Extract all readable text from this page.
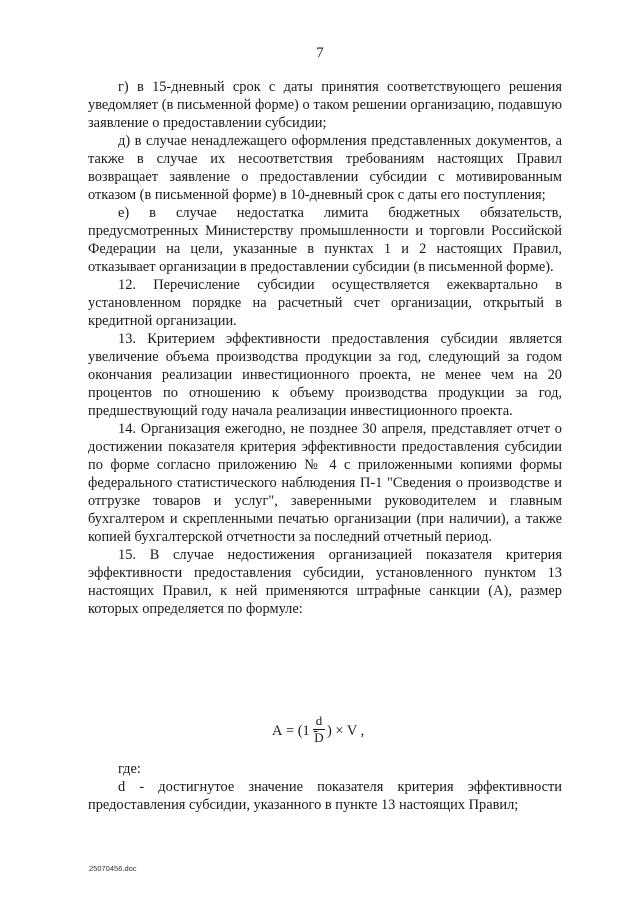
7

г) в 15-дневный срок с даты принятия соответствующего решения уведомляет (в письменной форме) о таком решении организацию, подавшую заявление о предоставлении субсидии;

д) в случае ненадлежащего оформления представленных документов, а также в случае их несоответствия требованиям настоящих Правил возвращает заявление о предоставлении субсидии с мотивированным отказом (в письменной форме) в 10-дневный срок с даты его поступления;

е) в случае недостатка лимита бюджетных обязательств, предусмотренных Министерству промышленности и торговли Российской Федерации на цели, указанные в пунктах 1 и 2 настоящих Правил, отказывает организации в предоставлении субсидии (в письменной форме).

12. Перечисление субсидии осуществляется ежеквартально в установленном порядке на расчетный счет организации, открытый в кредитной организации.

13. Критерием эффективности предоставления субсидии является увеличение объема производства продукции за год, следующий за годом окончания реализации инвестиционного проекта, не менее чем на 20 процентов по отношению к объему производства продукции за год, предшествующий году начала реализации инвестиционного проекта.

14. Организация ежегодно, не позднее 30 апреля, представляет отчет о достижении показателя критерия эффективности предоставления субсидии по форме согласно приложению № 4 с приложенными копиями формы федерального статистического наблюдения П-1 "Сведения о производстве и отгрузке товаров и услуг", заверенными руководителем и главным бухгалтером и скрепленными печатью организации (при наличии), а также копией бухгалтерской отчетности за последний отчетный период.

15. В случае недостижения организацией показателя критерия эффективности предоставления субсидии, установленного пунктом 13 настоящих Правил, к ней применяются штрафные санкции (А), размер которых определяется по формуле:

А = (1 -
$\frac{d}{D}$ ) × V ,

где:

d - достигнутое значение показателя критерия эффективности предоставления субсидии, указанного в пункте 13 настоящих Правил;

25070456.doc
